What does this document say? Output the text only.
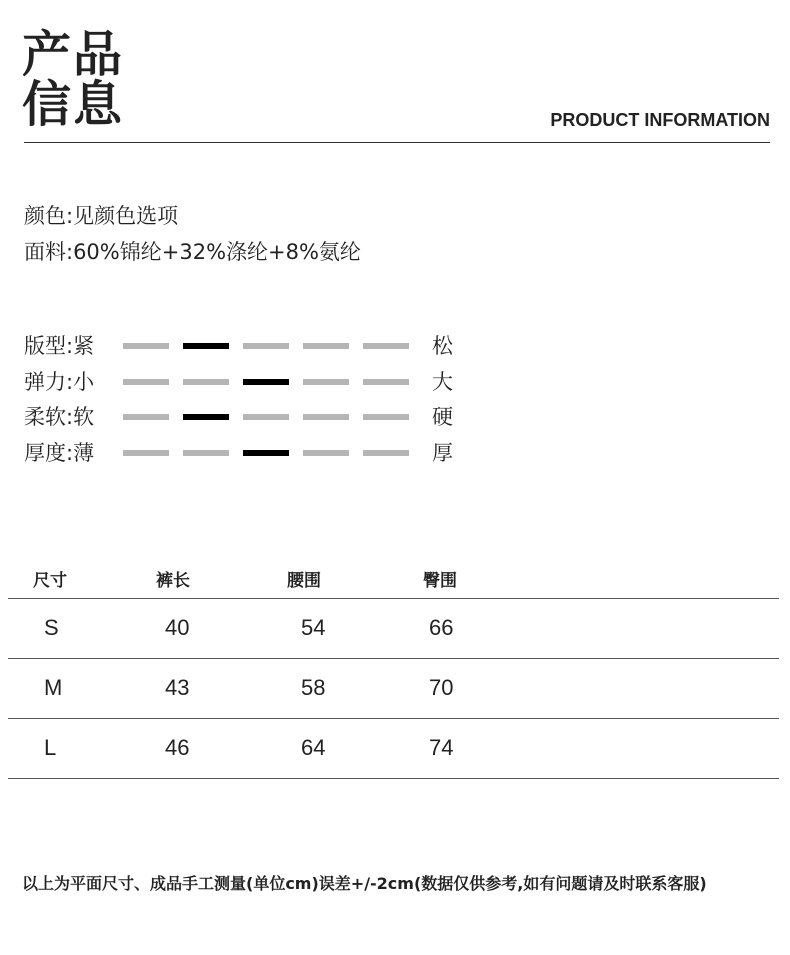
产品
信息	PRODUCT INFORMATION
颜色:见颜色选项
面料:60%锦纶+32%涤纶+8%氨纶
版型:紧	松
弹力:小	大
柔软:软	硬
厚度:薄	厚
尺寸	裤长	腰围	臀围
S	40	54	66
M	43	58	70
L	46	64	74
以上为平面尺寸、成品手工测量(单位cm)误差+/-2cm(数据仅供参考,如有问题请及时联系客服)
